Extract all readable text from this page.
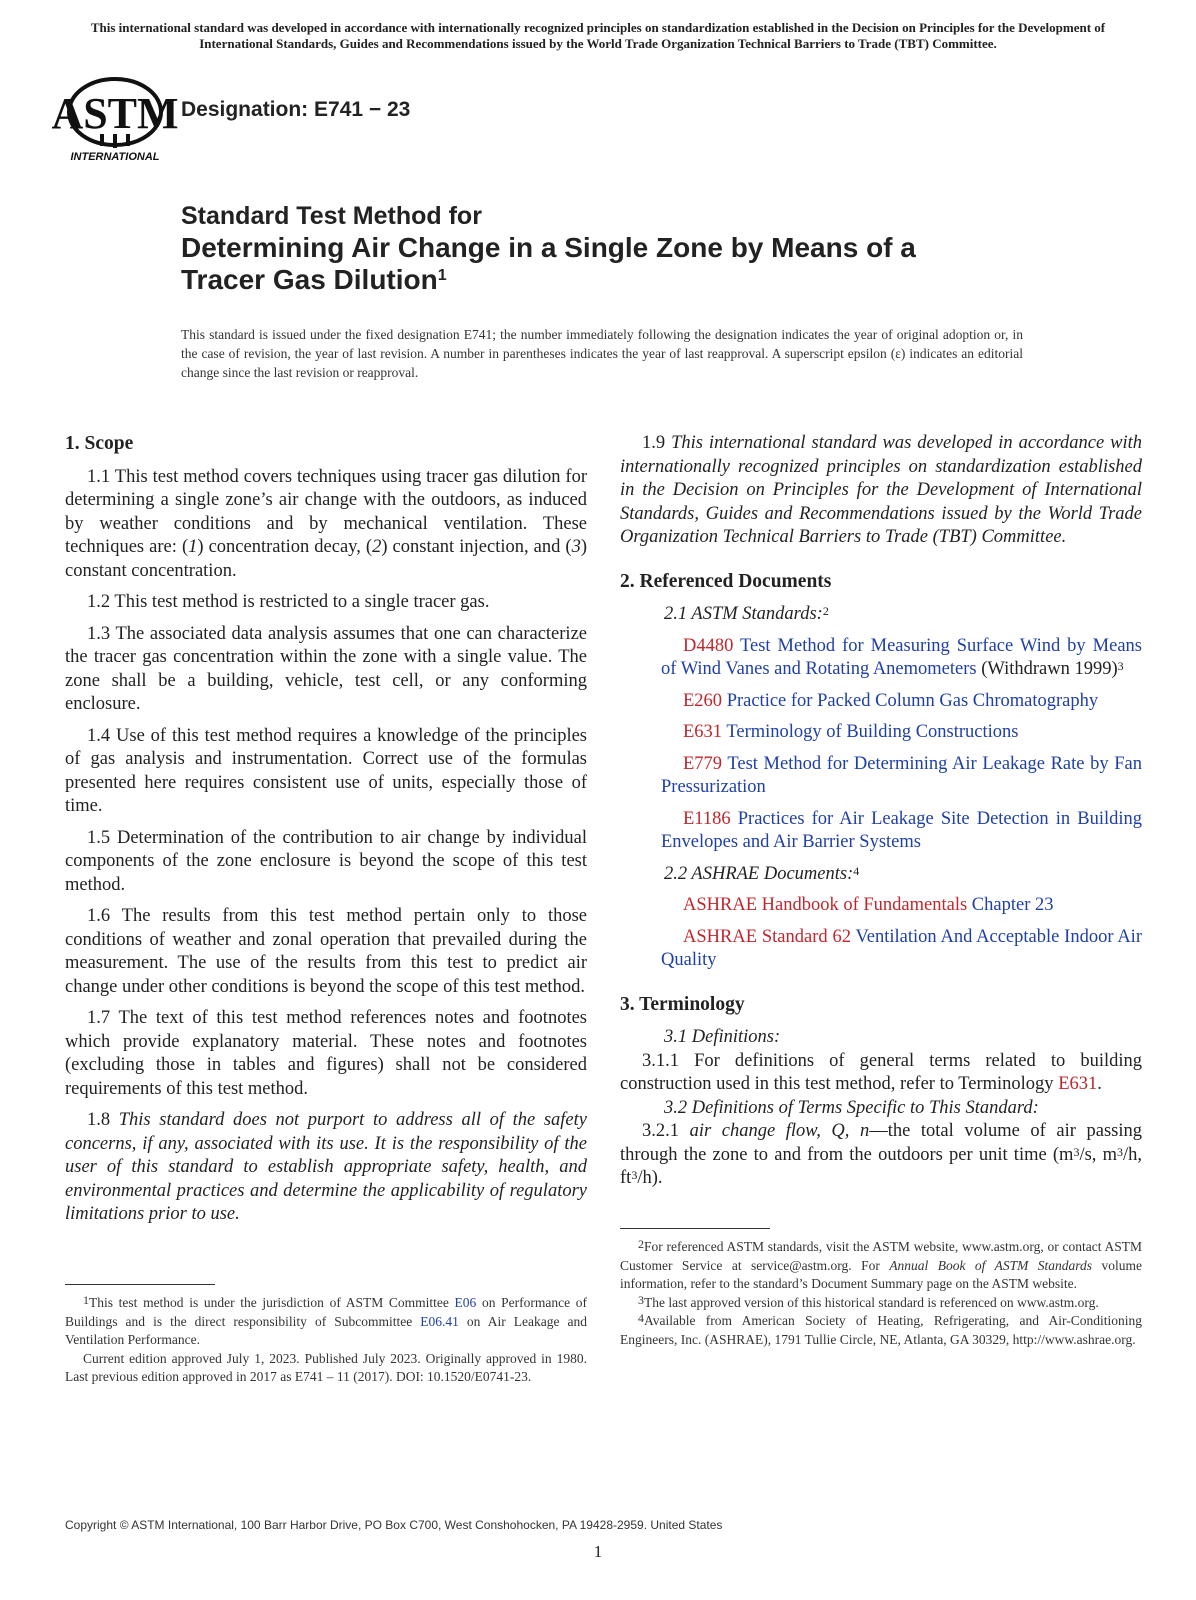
This international standard was developed in accordance with internationally recognized principles on standardization established in the Decision on Principles for the Development of International Standards, Guides and Recommendations issued by the World Trade Organization Technical Barriers to Trade (TBT) Committee.
ASTM
INTERNATIONAL
Designation: E741 − 23
Standard Test Method for
Determining Air Change in a Single Zone by Means of a
Tracer Gas Dilution$^1$
This standard is issued under the fixed designation E741; the number immediately following the designation indicates the year of original adoption or, in the case of revision, the year of last revision. A number in parentheses indicates the year of last reapproval. A superscript epsilon (ε) indicates an editorial change since the last revision or reapproval.
1. Scope

1.1 This test method covers techniques using tracer gas dilution for determining a single zone’s air change with the outdoors, as induced by weather conditions and by mechanical ventilation. These techniques are: (1) concentration decay, (2) constant injection, and (3) constant concentration.

1.2 This test method is restricted to a single tracer gas.

1.3 The associated data analysis assumes that one can characterize the tracer gas concentration within the zone with a single value. The zone shall be a building, vehicle, test cell, or any conforming enclosure.

1.4 Use of this test method requires a knowledge of the principles of gas analysis and instrumentation. Correct use of the formulas presented here requires consistent use of units, especially those of time.

1.5 Determination of the contribution to air change by individual components of the zone enclosure is beyond the scope of this test method.

1.6 The results from this test method pertain only to those conditions of weather and zonal operation that prevailed during the measurement. The use of the results from this test to predict air change under other conditions is beyond the scope of this test method.

1.7 The text of this test method references notes and footnotes which provide explanatory material. These notes and footnotes (excluding those in tables and figures) shall not be considered requirements of this test method.

1.8 This standard does not purport to address all of the safety concerns, if any, associated with its use. It is the responsibility of the user of this standard to establish appropriate safety, health, and environmental practices and determine the applicability of regulatory limitations prior to use.

$^1$This test method is under the jurisdiction of ASTM Committee E06 on Performance of Buildings and is the direct responsibility of Subcommittee E06.41 on Air Leakage and Ventilation Performance.

Current edition approved July 1, 2023. Published July 2023. Originally approved in 1980. Last previous edition approved in 2017 as E741 – 11 (2017). DOI: 10.1520/E0741-23.

1.9 This international standard was developed in accordance with internationally recognized principles on standardization established in the Decision on Principles for the Development of International Standards, Guides and Recommendations issued by the World Trade Organization Technical Barriers to Trade (TBT) Committee.

2. Referenced Documents

2.1 ASTM Standards:$^2$

D4480 Test Method for Measuring Surface Wind by Means of Wind Vanes and Rotating Anemometers (Withdrawn 1999)$^3$

E260 Practice for Packed Column Gas Chromatography

E631 Terminology of Building Constructions

E779 Test Method for Determining Air Leakage Rate by Fan Pressurization

E1186 Practices for Air Leakage Site Detection in Building Envelopes and Air Barrier Systems

2.2 ASHRAE Documents:$^4$

ASHRAE Handbook of Fundamentals Chapter 23

ASHRAE Standard 62 Ventilation And Acceptable Indoor Air Quality

3. Terminology

3.1 Definitions:

3.1.1 For definitions of general terms related to building construction used in this test method, refer to Terminology E631.

3.2 Definitions of Terms Specific to This Standard:

3.2.1 air change flow, Q, n—the total volume of air passing through the zone to and from the outdoors per unit time ($m^3/s$, $m^3/h$, $ft^3/h$).

$^2$For referenced ASTM standards, visit the ASTM website, www.astm.org, or contact ASTM Customer Service at service@astm.org. For Annual Book of ASTM Standards volume information, refer to the standard’s Document Summary page on the ASTM website.

$^3$The last approved version of this historical standard is referenced on www.astm.org.

$^4$Available from American Society of Heating, Refrigerating, and Air-Conditioning Engineers, Inc. (ASHRAE), 1791 Tullie Circle, NE, Atlanta, GA 30329, http://www.ashrae.org.

Copyright © ASTM International, 100 Barr Harbor Drive, PO Box C700, West Conshohocken, PA 19428-2959. United States
1
